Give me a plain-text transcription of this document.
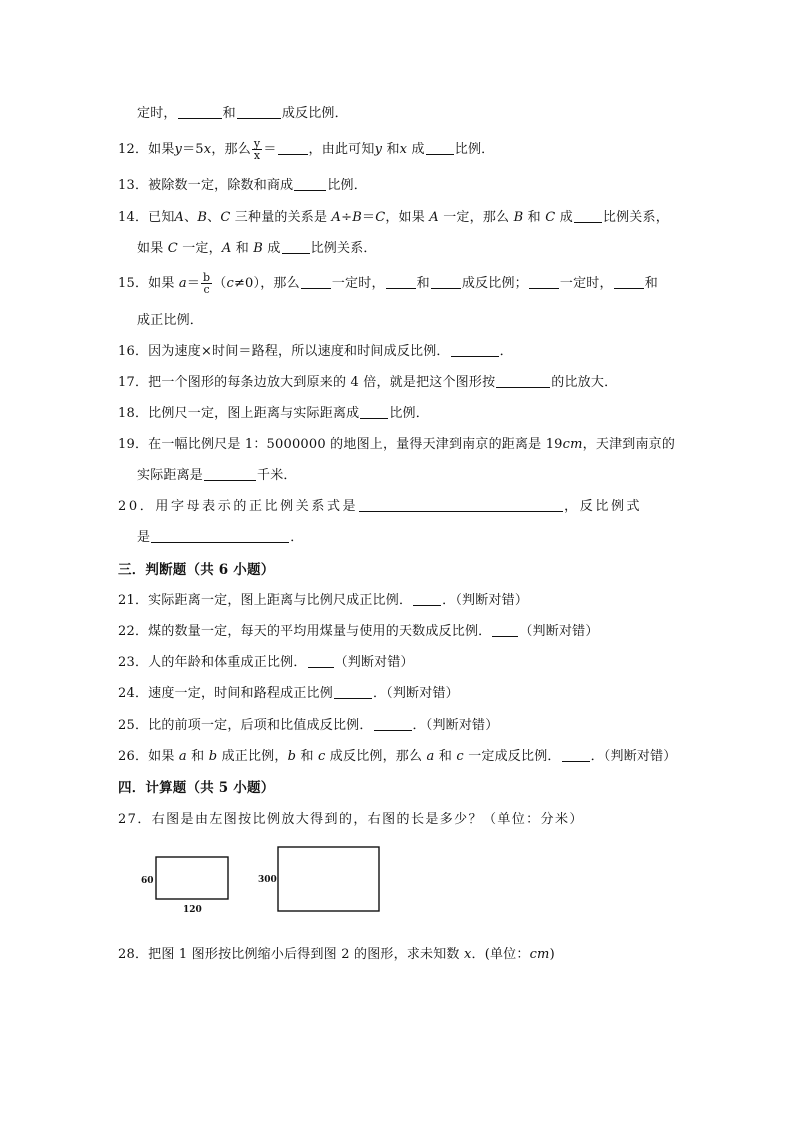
定时，	和	成反比例．
12．如果y＝5x，那么 $\frac{y}{x}$ ＝ ，由此可知y 和x 成 比例．
13．被除数一定，除数和商成	比例．
14．已知A、B、C 三种量的关系是 A÷B＝C，如果 A 一定，那么 B 和 C 成 比例关系，
如果 C 一定，A 和 B 成 比例关系．
15．如果 $a= \frac{b}{c} (c\ne 0)$，那么 一定时， 和 成反比例； 一定时， 和
成正比例．
16．因为速度×时间＝路程，所以速度和时间成反比例．	．
17．把一个图形的每条边放大到原来的 4 倍，就是把这个图形按	的比放大．
18．比例尺一定，图上距离与实际距离成 比例．
19．在一幅比例尺是 1：5000000 的地图上，量得天津到南京的距离是 19cm，天津到南京的
实际距离是	千米．
20．用字母表示的正比例关系式是	，反比例式
是	．
三．判断题（共 6 小题）
21．实际距离一定，图上距离与比例尺成正比例． ．（判断对错）
22．煤的数量一定，每天的平均用煤量与使用的天数成反比例． （判断对错）
23．人的年龄和体重成正比例． （判断对错）
24．速度一定，时间和路程成正比例	．（判断对错）
25．比的前项一定，后项和比值成反比例．	．（判断对错）
26．如果 a 和 b 成正比例，b 和 c 成反比例，那么 a 和 c 一定成反比例． ．（判断对错）
四．计算题（共 5 小题）
27．右图是由左图按比例放大得到的，右图的长是多少？（单位：分米）
60
120
300
28．把图 1 图形按比例缩小后得到图 2 的图形，求未知数 x．(单位：cm)
